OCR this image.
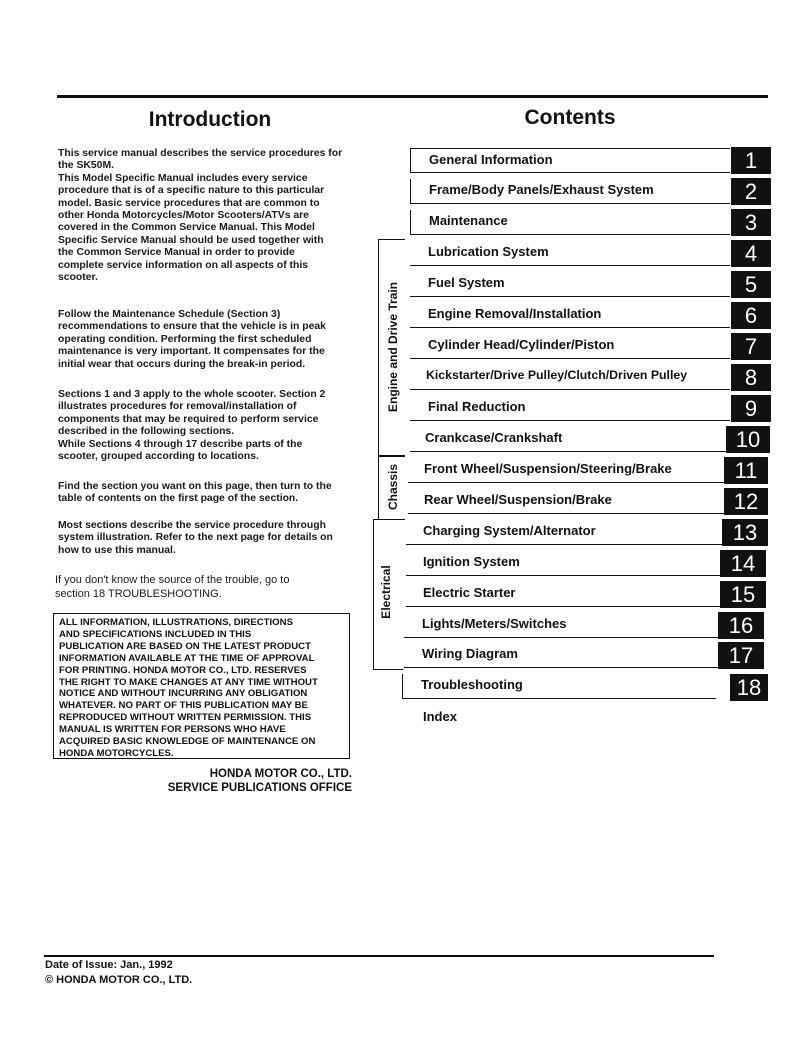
Introduction
This service manual describes the service procedures for
the SK50M.
This Model Specific Manual includes every service
procedure that is of a specific nature to this particular
model. Basic service procedures that are common to
other Honda Motorcycles/Motor Scooters/ATVs are
covered in the Common Service Manual. This Model
Specific Service Manual should be used together with
the Common Service Manual in order to provide
complete service information on all aspects of this
scooter.
Follow the Maintenance Schedule (Section 3)
recommendations to ensure that the vehicle is in peak
operating condition. Performing the first scheduled
maintenance is very important. It compensates for the
initial wear that occurs during the break-in period.
Sections 1 and 3 apply to the whole scooter. Section 2
illustrates procedures for removal/installation of
components that may be required to perform service
described in the following sections.
While Sections 4 through 17 describe parts of the
scooter, grouped according to locations.
Find the section you want on this page, then turn to the
table of contents on the first page of the section.
Most sections describe the service procedure through
system illustration. Refer to the next page for details on
how to use this manual.
If you don't know the source of the trouble, go to
section 18 TROUBLESHOOTING.
ALL INFORMATION, ILLUSTRATIONS, DIRECTIONS
AND SPECIFICATIONS INCLUDED IN THIS
PUBLICATION ARE BASED ON THE LATEST PRODUCT
INFORMATION AVAILABLE AT THE TIME OF APPROVAL
FOR PRINTING. HONDA MOTOR CO., LTD. RESERVES
THE RIGHT TO MAKE CHANGES AT ANY TIME WITHOUT
NOTICE AND WITHOUT INCURRING ANY OBLIGATION
WHATEVER. NO PART OF THIS PUBLICATION MAY BE
REPRODUCED WITHOUT WRITTEN PERMISSION. THIS
MANUAL IS WRITTEN FOR PERSONS WHO HAVE
ACQUIRED BASIC KNOWLEDGE OF MAINTENANCE ON
HONDA MOTORCYCLES.
HONDA MOTOR CO., LTD.
SERVICE PUBLICATIONS OFFICE
Contents
Engine and Drive Train
Chassis
Electrical
General Information	1
Frame/Body Panels/Exhaust System	2
Maintenance	3
Lubrication System	4
Fuel System	5
Engine Removal/Installation	6
Cylinder Head/Cylinder/Piston	7
Kickstarter/Drive Pulley/Clutch/Driven Pulley	8
Final Reduction	9
Crankcase/Crankshaft	10
Front Wheel/Suspension/Steering/Brake	11
Rear Wheel/Suspension/Brake	12
Charging System/Alternator	13
Ignition System	14
Electric Starter	15
Lights/Meters/Switches	16
Wiring Diagram	17
Troubleshooting	18
Index
Date of Issue: Jan., 1992
© HONDA MOTOR CO., LTD.
